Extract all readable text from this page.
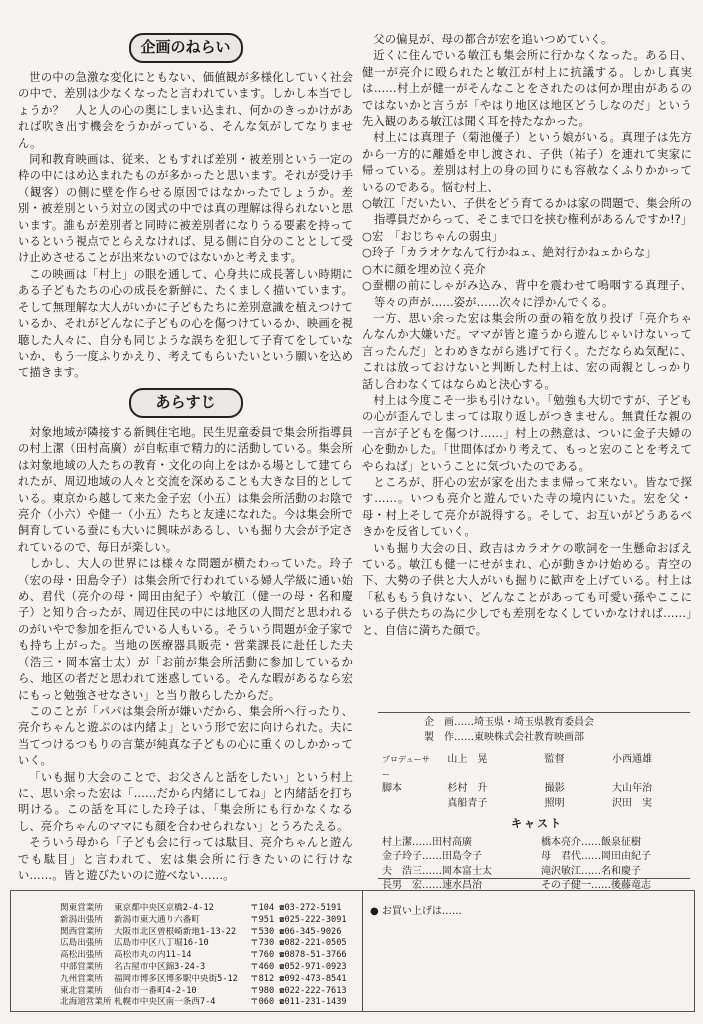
企画のねらい

世の中の急激な変化にともない、価値観が多様化していく社会の中で、差別は少なくなったと言われています。しかし本当でしょうか？　人と人の心の奥にしまい込まれ、何かのきっかけがあれば吹き出す機会をうかがっている、そんな気がしてなりません。

同和教育映画は、従来、ともすれば差別・被差別という一定の枠の中にはめ込まれたものが多かったと思います。それが受け手（観客）の側に壁を作らせる原因ではなかったでしょうか。差別・被差別という対立の図式の中では真の理解は得られないと思います。誰もが差別者と同時に被差別者になりうる要素を持っているという視点でとらえなければ、見る側に自分のこととして受け止めさせることが出来ないのではないかと考えます。

この映画は「村上」の眼を通して、心身共に成長著しい時期にある子どもたちの心の成長を新鮮に、たくましく描いています。そして無理解な大人がいかに子どもたちに差別意識を植えつけているか、それがどんなに子どもの心を傷つけているか、映画を視聴した人々に、自分も同じような誤ちを犯して子育てをしていないか、もう一度ふりかえり、考えてもらいたいという願いを込めて描きます。

あらすじ

対象地域が隣接する新興住宅地。民生児童委員で集会所指導員の村上潔（田村高廣）が自転車で精力的に活動している。集会所は対象地域の人たちの教育・文化の向上をはかる場として建てられたが、周辺地域の人々と交流を深めることも大きな目的としている。東京から越して来た金子宏（小五）は集会所活動のお陰で亮介（小六）や健一（小五）たちと友達になれた。今は集会所で飼育している蚕にも大いに興味があるし、いも掘り大会が予定されているので、毎日が楽しい。

しかし、大人の世界には様々な問題が横たわっていた。玲子（宏の母・田島令子）は集会所で行われている婦人学級に通い始め、君代（亮介の母・岡田由紀子）や敏江（健一の母・名和慶子）と知り合ったが、周辺住民の中には地区の人間だと思われるのがいやで参加を拒んでいる人もいる。そういう問題が金子家でも持ち上がった。当地の医療器具販売・営業課長に赴任した夫（浩三・岡本富士太）が「お前が集会所活動に参加しているから、地区の者だと思われて迷惑している。そんな暇があるなら宏にもっと勉強させなさい」と当り散らしたからだ。

このことが「パパは集会所が嫌いだから、集会所へ行ったり、亮介ちゃんと遊ぶのは内緒よ」という形で宏に向けられた。夫に当てつけるつもりの言葉が純真な子どもの心に重くのしかかっていく。

「いも掘り大会のことで、お父さんと話をしたい」という村上に、思い余った宏は「……だから内緒にしてね」と内緒話を打ち明ける。この話を耳にした玲子は、「集会所にも行かなくなるし、亮介ちゃんのママにも顔を合わせられない」とうろたえる。

そういう母から「子ども会に行っては駄目、亮介ちゃんと遊んでも駄目」と言われて、宏は集会所に行きたいのに行けない……。皆と遊びたいのに遊べない……。

父の偏見が、母の都合が宏を追いつめていく。

近くに住んでいる敏江も集会所に行かなくなった。ある日、健一が亮介に殴られたと敏江が村上に抗議する。しかし真実は……村上が健一がそんなことをされたのは何か理由があるのではないかと言うが「やはり地区は地区どうしなのだ」という先入観のある敏江は聞く耳を持たなかった。

村上には真理子（菊池優子）という娘がいる。真理子は先方から一方的に離婚を申し渡され、子供（祐子）を連れて実家に帰っている。差別は村上の身の回りにも容赦なくふりかかっているのである。悩む村上、

○敏江「だいたい、子供をどう育てるかは家の問題で、集会所の指導員だからって、そこまで口を挟む権利があるんですか!?」

○宏　「おじちゃんの弱虫」

○玲子「カラオケなんて行かねェ、絶対行かねェからな」

○木に顔を埋め泣く亮介

○蚕棚の前にしゃがみ込み、背中を震わせて嗚咽する真理子、等々の声が……姿が……次々に浮かんでくる。

一方、思い余った宏は集会所の蚕の箱を放り投げ「亮介ちゃんなんか大嫌いだ。ママが皆と違うから遊んじゃいけないって言ったんだ」とわめきながら逃げて行く。ただならぬ気配に、これは放っておけないと判断した村上は、宏の両親としっかり話し合わなくてはならぬと決心する。

村上は今度こそ一歩も引けない。「勉強も大切ですが、子どもの心が歪んでしまっては取り返しがつきません。無責任な親の一言が子どもを傷つけ……」村上の熱意は、ついに金子夫婦の心を動かした。「世間体ばかり考えて、もっと宏のことを考えてやらねば」ということに気づいたのである。

ところが、肝心の宏が家を出たまま帰って来ない。皆なで探す……。いつも亮介と遊んでいた寺の境内にいた。宏を父・母・村上そして亮介が説得する。そして、お互いがどうあるべきかを反省していく。

いも掘り大会の日、政吉はカラオケの歌詞を一生懸命おぼえている。敏江も健一にせがまれ、心が動きかけ始める。青空の下、大勢の子供と大人がいも掘りに歓声を上げている。村上は「私ももう負けない、どんなことがあっても可愛い孫やここにいる子供たちの為に少しでも差別をなくしていかなければ……」と、自信に満ちた顔で。

企　画 …… 埼玉県・埼玉県教育委員会
製　作 …… 東映株式会社教育映画部
プロデューサー
山上　晃	監督	小西通雄
脚本	杉村　升	撮影	大山年治
真船青子	照明	沢田　実
キャスト
村上潔……田村高廣	橋本亮介……飯泉征樹
金子玲子……田島令子	母　君代……岡田由紀子
夫　浩三……岡本富士太	滝沢敏江……名和慶子
長男　宏……速水昌治	その子健一……後藤竜志
関東営業所	東京都中央区京橋2-4-12	〒104 ☎03-272-5191
新潟出張所	新潟市東大通り六番町	〒951 ☎025-222-3091
関西営業所	大阪市北区曽根崎新地1-13-22	〒530 ☎06-345-9026
広島出張所	広島市中区八丁堀16-10	〒730 ☎082-221-0505
高松出張所	高松市丸の内11-14	〒760 ☎0878-51-3766
中部営業所	名古屋市中区錦3-24-3	〒460 ☎052-971-0923
九州営業所	福岡市博多区博多駅中央街5-12	〒812 ☎092-473-8541
東北営業所	仙台市一番町4-2-10	〒980 ☎022-222-7613
北海道営業所 札幌市中央区南一条西7-4	〒060 ☎011-231-1439
● お買い上げは……
